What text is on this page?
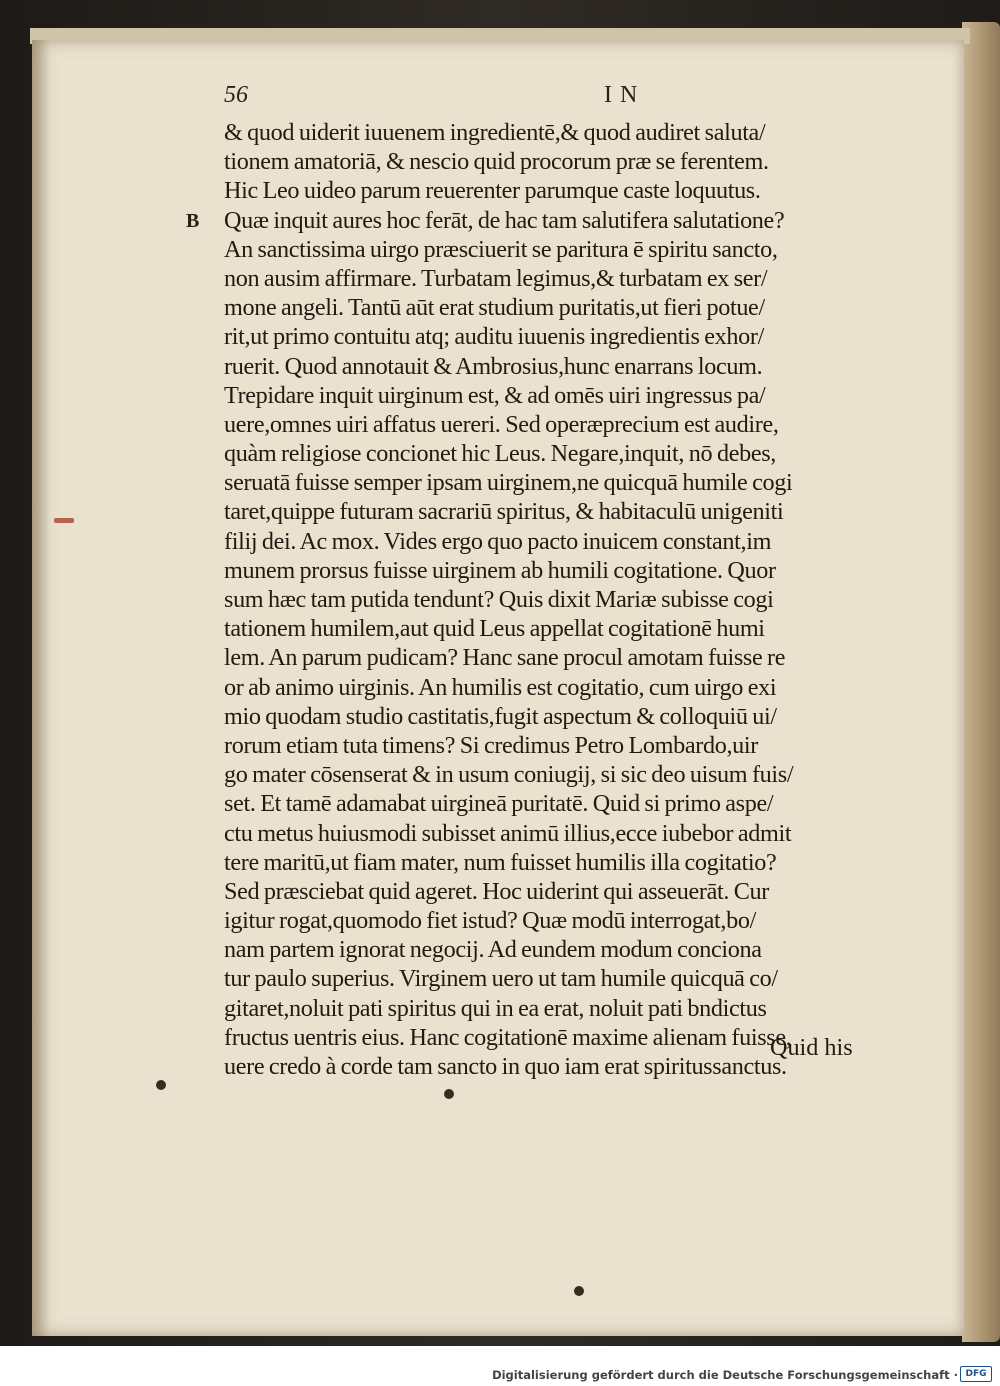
56	IN
B
& quod uiderit iuuenem ingredientē,& quod audiret saluta/
tionem amatoriā, & nescio quid procorum præ se ferentem.
Hic Leo uideo parum reuerenter parumque caste loquutus.
Quæ inquit aures hoc ferāt, de hac tam salutifera salutatione?
An sanctissima uirgo præsciuerit se paritura ē spiritu sancto,
non ausim affirmare. Turbatam legimus,& turbatam ex ser/
mone angeli. Tantū aūt erat studium puritatis,ut fieri potue/
rit,ut primo contuitu atq; auditu iuuenis ingredientis exhor/
ruerit. Quod annotauit & Ambrosius,hunc enarrans locum.
Trepidare inquit uirginum est, & ad omēs uiri ingressus pa/
uere,omnes uiri affatus uereri. Sed operæprecium est audire,
quàm religiose concionet hic Leus. Negare,inquit, nō debes,
seruatā fuisse semper ipsam uirginem,ne quicquā humile cogi
taret,quippe futuram sacrariū spiritus, & habitaculū unigeniti
filij dei. Ac mox. Vides ergo quo pacto inuicem constant,im
munem prorsus fuisse uirginem ab humili cogitatione. Quor
sum hæc tam putida tendunt? Quis dixit Mariæ subisse cogi
tationem humilem,aut quid Leus appellat cogitationē humi
lem. An parum pudicam? Hanc sane procul amotam fuisse re
or ab animo uirginis. An humilis est cogitatio, cum uirgo exi
mio quodam studio castitatis,fugit aspectum & colloquiū ui/
rorum etiam tuta timens? Si credimus Petro Lombardo,uir
go mater cōsenserat & in usum coniugij, si sic deo uisum fuis/
set. Et tamē adamabat uirgineā puritatē. Quid si primo aspe/
ctu metus huiusmodi subisset animū illius,ecce iubebor admit
tere maritū,ut fiam mater, num fuisset humilis illa cogitatio?
Sed præsciebat quid ageret. Hoc uiderint qui asseuerāt. Cur
igitur rogat,quomodo fiet istud? Quæ modū interrogat,bo/
nam partem ignorat negocij. Ad eundem modum conciona
tur paulo superius. Virginem uero ut tam humile quicquā co/
gitaret,noluit pati spiritus qui in ea erat, noluit pati bndictus
fructus uentris eius. Hanc cogitationē maxime alienam fuisse,
uere credo à corde tam sancto in quo iam erat spiritussanctus.
Quid his
Digitalisierung gefördert durch die Deutsche Forschungsgemeinschaft · DFG
